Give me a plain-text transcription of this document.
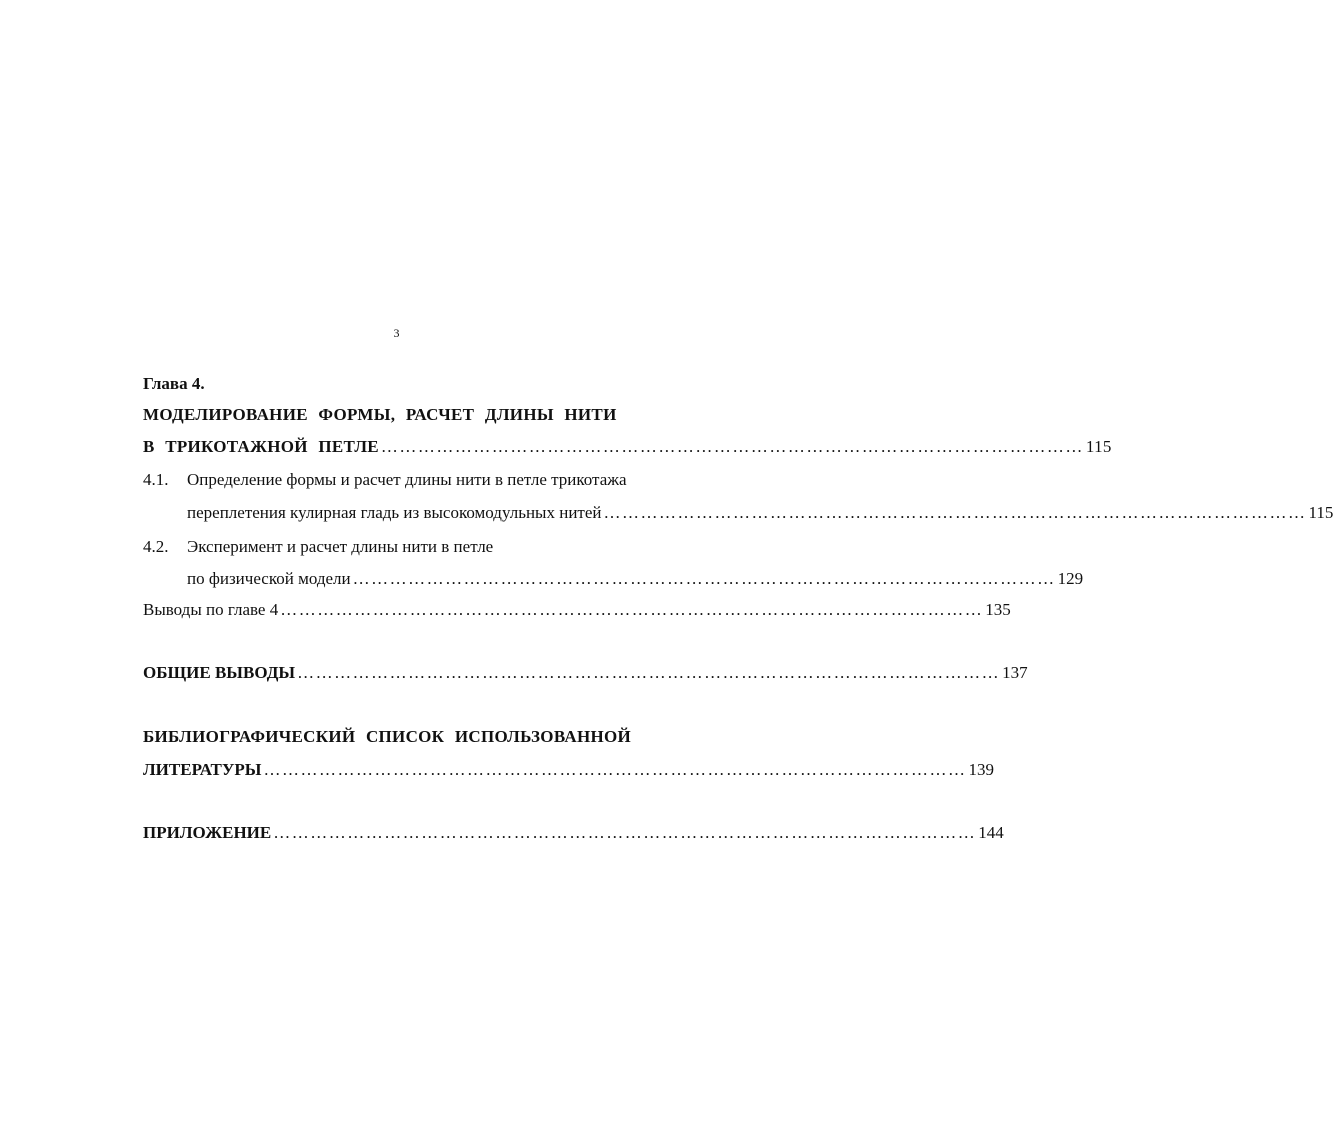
3
Глава 4.
МОДЕЛИРОВАНИЕ ФОРМЫ, РАСЧЕТ ДЛИНЫ НИТИ
В ТРИКОТАЖНОЙ ПЕТЛЕ …………………………………………………………………………………………………… 115
4.1.	Определение формы и расчет длины нити в петле трикотажа
переплетения кулирная гладь из высокомодульных нитей …………………………………………………………………………………………………… 115
4.2.	Эксперимент и расчет длины нити в петле
по физической модели …………………………………………………………………………………………………… 129
Выводы по главе 4 …………………………………………………………………………………………………… 135
ОБЩИЕ ВЫВОДЫ …………………………………………………………………………………………………… 137
БИБЛИОГРАФИЧЕСКИЙ СПИСОК ИСПОЛЬЗОВАННОЙ
ЛИТЕРАТУРЫ …………………………………………………………………………………………………… 139
ПРИЛОЖЕНИЕ …………………………………………………………………………………………………… 144
